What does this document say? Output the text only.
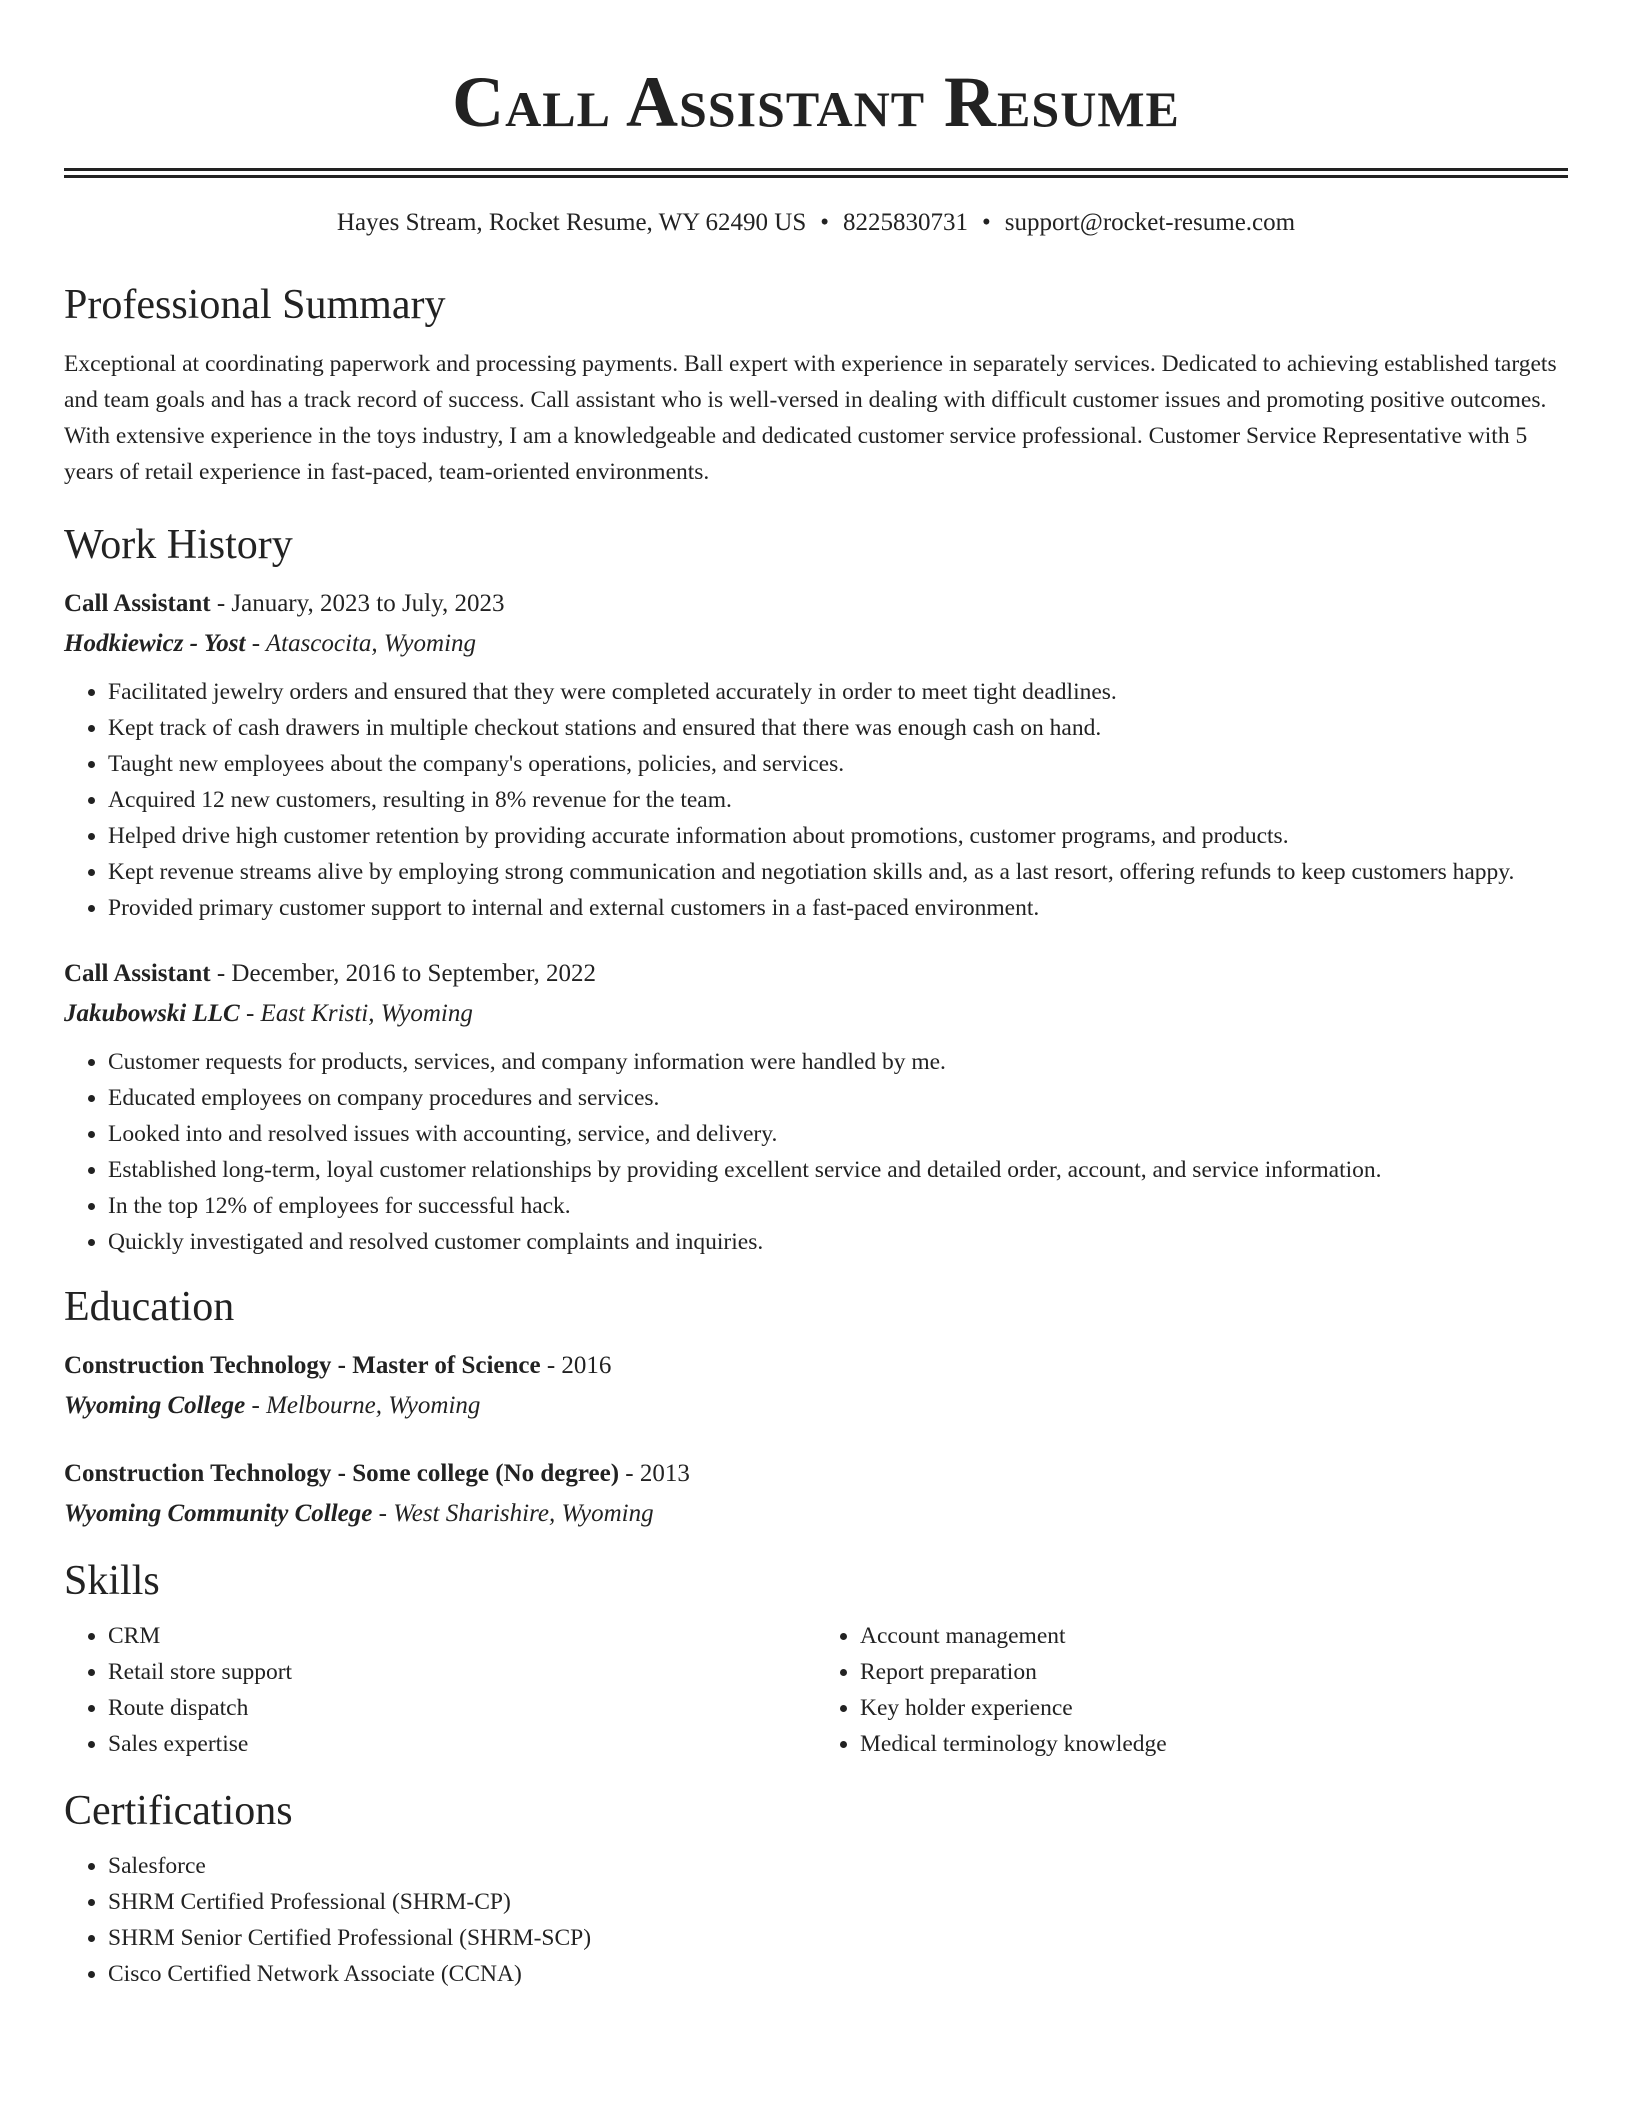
Call Assistant Resume
Hayes Stream, Rocket Resume, WY 62490 US • 8225830731 • support@rocket-resume.com
Professional Summary

Exceptional at coordinating paperwork and processing payments. Ball expert with experience in separately services. Dedicated to achieving established targets and team goals and has a track record of success. Call assistant who is well-versed in dealing with difficult customer issues and promoting positive outcomes. With extensive experience in the toys industry, I am a knowledgeable and dedicated customer service professional. Customer Service Representative with 5 years of retail experience in fast-paced, team-oriented environments.

Work History
Call Assistant - January, 2023 to July, 2023
Hodkiewicz - Yost - Atascocita, Wyoming
• Facilitated jewelry orders and ensured that they were completed accurately in order to meet tight deadlines.
• Kept track of cash drawers in multiple checkout stations and ensured that there was enough cash on hand.
• Taught new employees about the company's operations, policies, and services.
• Acquired 12 new customers, resulting in 8% revenue for the team.
• Helped drive high customer retention by providing accurate information about promotions, customer programs, and products.
• Kept revenue streams alive by employing strong communication and negotiation skills and, as a last resort, offering refunds to keep customers happy.
• Provided primary customer support to internal and external customers in a fast-paced environment.
Call Assistant - December, 2016 to September, 2022
Jakubowski LLC - East Kristi, Wyoming
• Customer requests for products, services, and company information were handled by me.
• Educated employees on company procedures and services.
• Looked into and resolved issues with accounting, service, and delivery.
• Established long-term, loyal customer relationships by providing excellent service and detailed order, account, and service information.
• In the top 12% of employees for successful hack.
• Quickly investigated and resolved customer complaints and inquiries.
Education
Construction Technology - Master of Science - 2016
Wyoming College - Melbourne, Wyoming
Construction Technology - Some college (No degree) - 2013
Wyoming Community College - West Sharishire, Wyoming
Skills
• CRM
• Retail store support
• Route dispatch
• Sales expertise
• Account management
• Report preparation
• Key holder experience
• Medical terminology knowledge
Certifications
• Salesforce
• SHRM Certified Professional (SHRM-CP)
• SHRM Senior Certified Professional (SHRM-SCP)
• Cisco Certified Network Associate (CCNA)
